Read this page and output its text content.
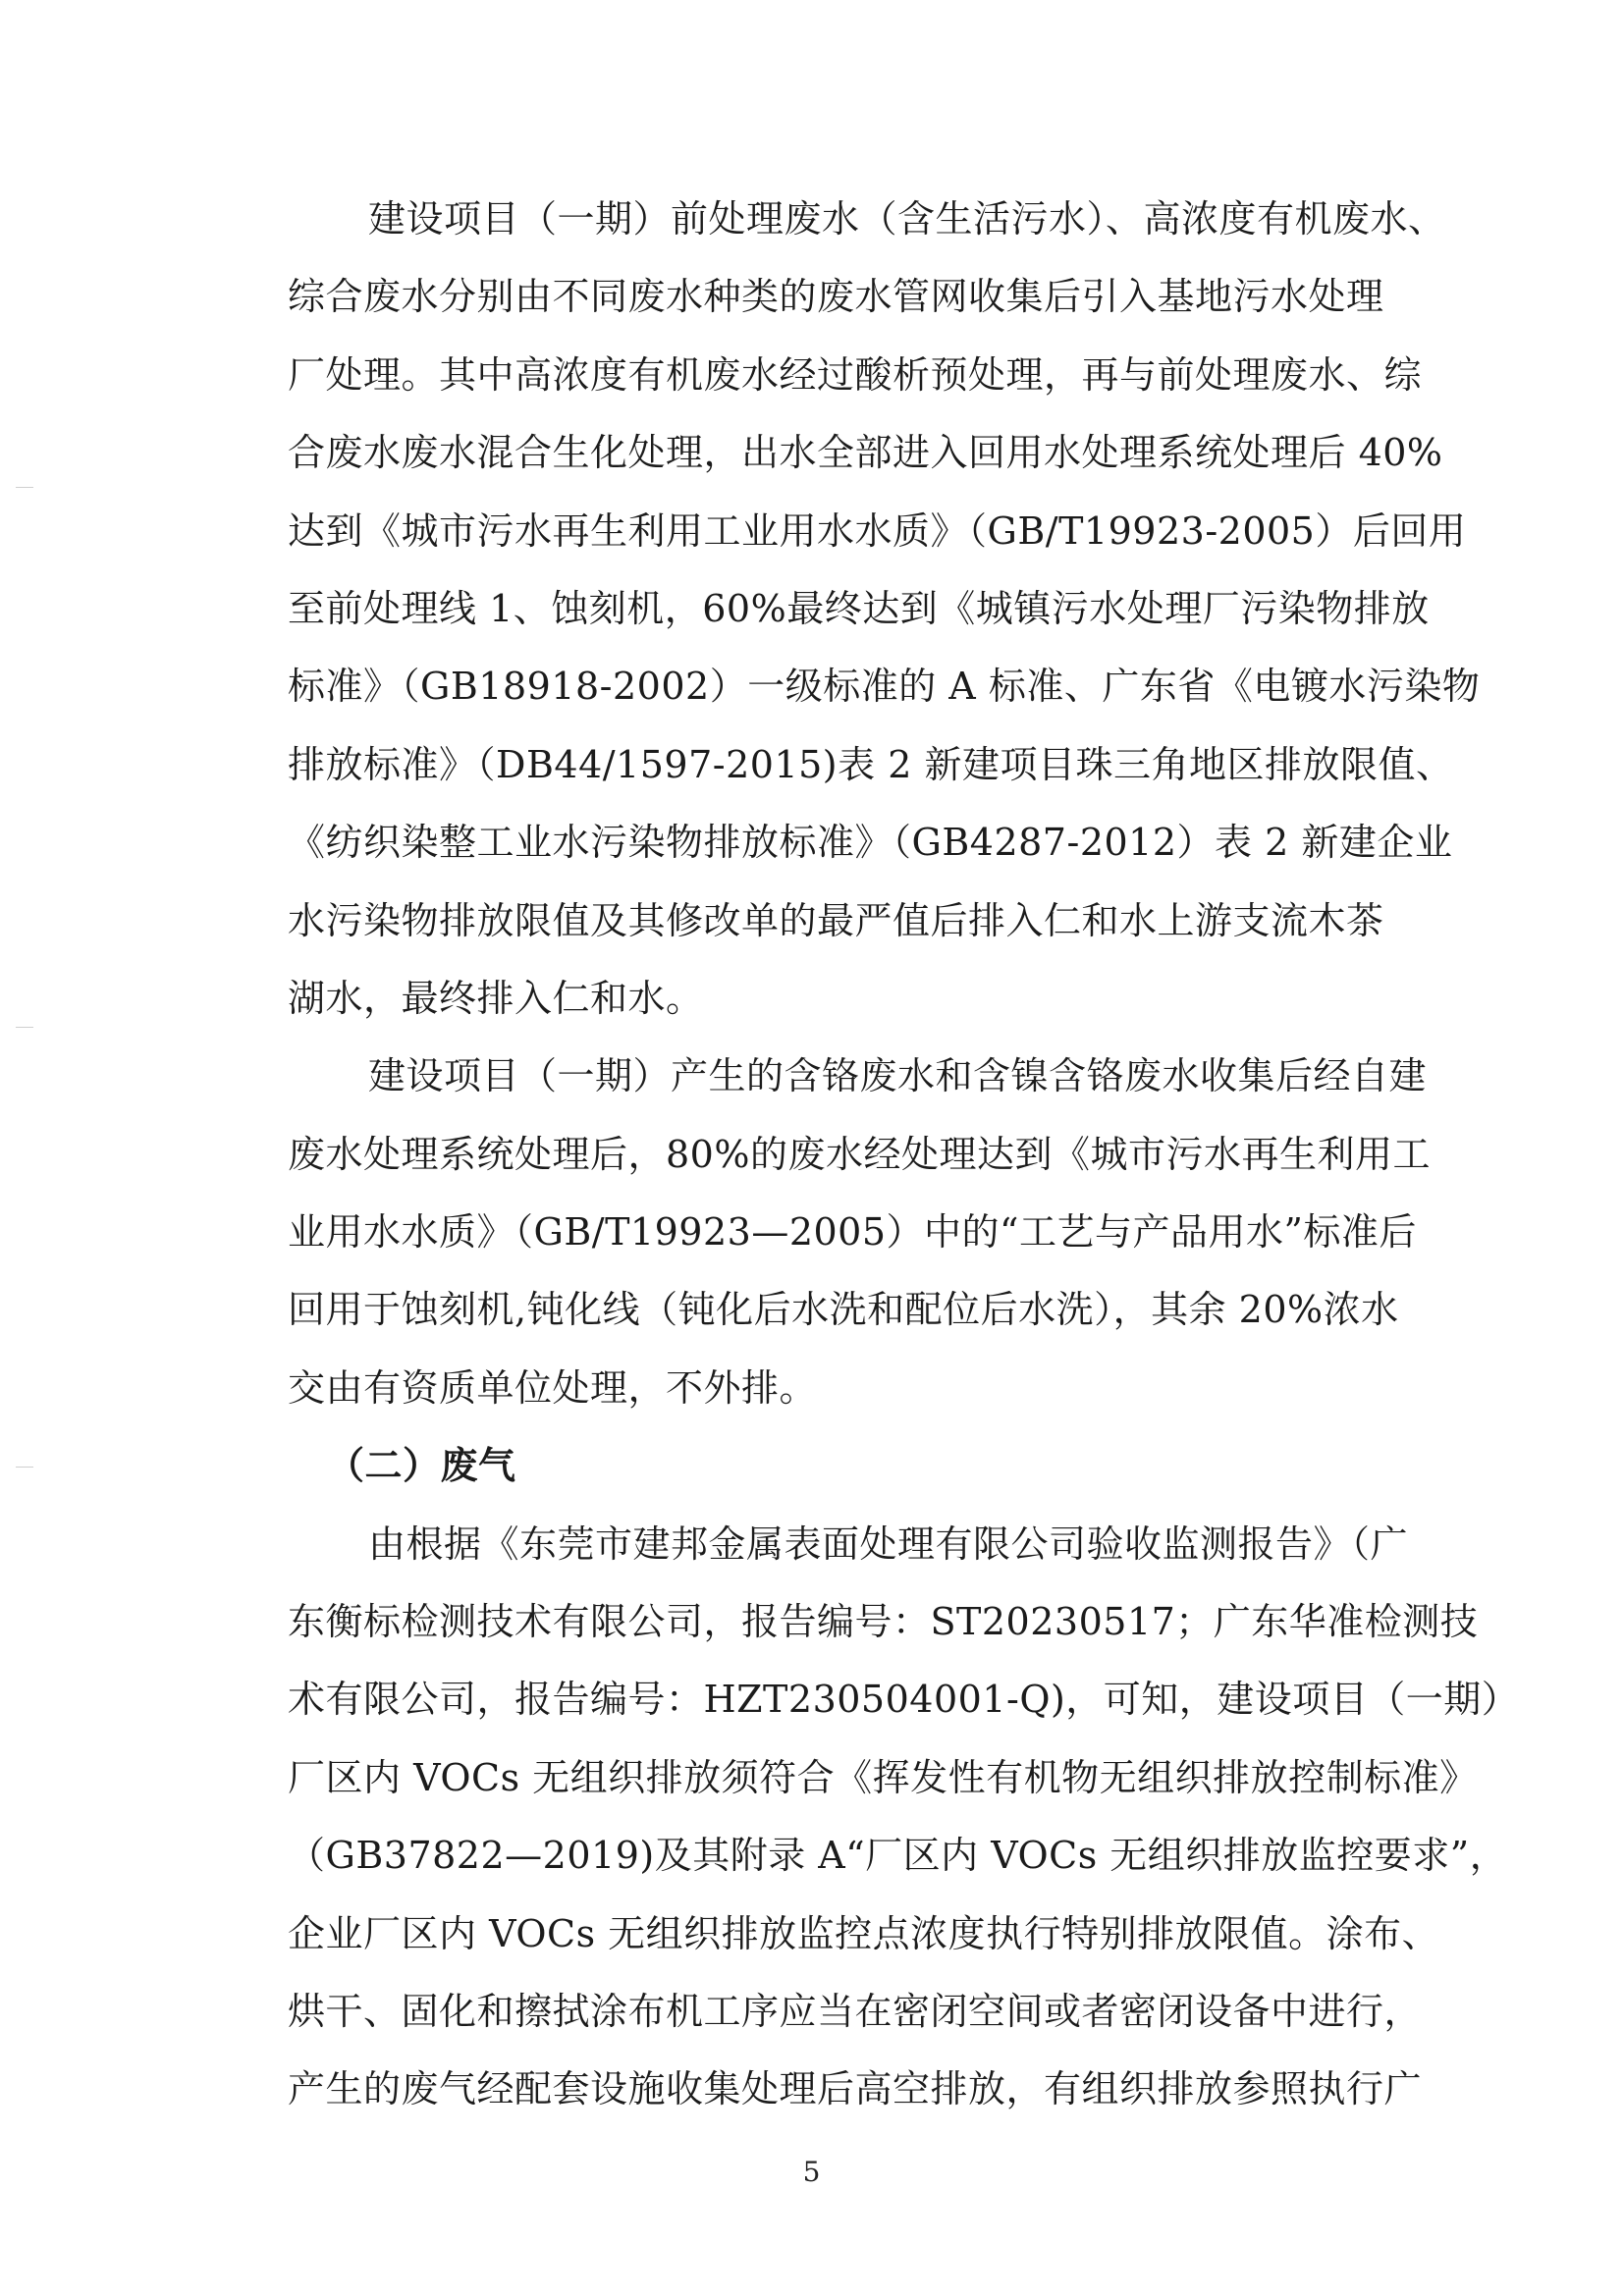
建设项目（一期）前处理废水（含生活污水）、高浓度有机废水、
综合废水分别由不同废水种类的废水管网收集后引入基地污水处理
厂处理。其中高浓度有机废水经过酸析预处理，再与前处理废水、综
合废水废水混合生化处理，出水全部进入回用水处理系统处理后 40%
达到《城市污水再生利用工业用水水质》（GB/T19923-2005）后回用
至前处理线 1、蚀刻机，60%最终达到《城镇污水处理厂污染物排放
标准》（GB18918-2002）一级标准的 A 标准、广东省《电镀水污染物
排放标准》（DB44/1597-2015)表 2 新建项目珠三角地区排放限值、
《纺织染整工业水污染物排放标准》（GB4287-2012）表 2 新建企业
水污染物排放限值及其修改单的最严值后排入仁和水上游支流木茶
湖水，最终排入仁和水。
建设项目（一期）产生的含铬废水和含镍含铬废水收集后经自建
废水处理系统处理后，80%的废水经处理达到《城市污水再生利用工
业用水水质》（GB/T19923—2005）中的“工艺与产品用水”标准后
回用于蚀刻机,钝化线（钝化后水洗和配位后水洗），其余 20%浓水
交由有资质单位处理，不外排。
（二）废气
由根据《东莞市建邦金属表面处理有限公司验收监测报告》（广
东衡标检测技术有限公司，报告编号：ST20230517；广东华准检测技
术有限公司，报告编号：HZT230504001-Q)，可知，建设项目（一期）
厂区内 VOCs 无组织排放须符合《挥发性有机物无组织排放控制标准》
（GB37822—2019)及其附录 A“厂区内 VOCs 无组织排放监控要求”，
企业厂区内 VOCs 无组织排放监控点浓度执行特别排放限值。涂布、
烘干、固化和擦拭涂布机工序应当在密闭空间或者密闭设备中进行，
产生的废气经配套设施收集处理后高空排放，有组织排放参照执行广
5
